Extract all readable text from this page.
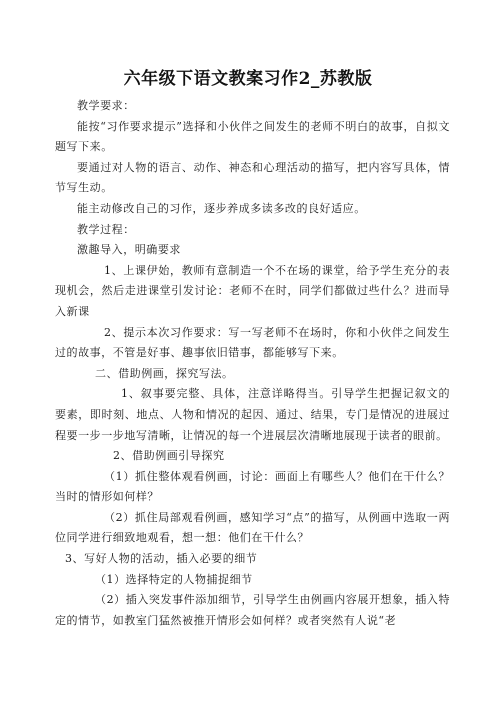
六年级下语文教案习作2_苏教版

教学要求：

能按“习作要求提示”选择和小伙伴之间发生的老师不明白的故事，自拟文题写下来。

要通过对人物的语言、动作、神态和心理活动的描写，把内容写具体，情节写生动。

能主动修改自己的习作，逐步养成多读多改的良好适应。

教学过程：

激趣导入，明确要求

1、上课伊始，教师有意制造一个不在场的课堂，给予学生充分的表现机会，然后走进课堂引发讨论：老师不在时，同学们都做过些什么？进而导入新课

2、提示本次习作要求：写一写老师不在场时，你和小伙伴之间发生过的故事，不管是好事、趣事依旧错事，都能够写下来。

二、借助例画，探究写法。

1、叙事要完整、具体，注意详略得当。引导学生把握记叙文的要素，即时刻、地点、人物和情况的起因、通过、结果，专门是情况的进展过程要一步一步地写清晰，让情况的每一个进展层次清晰地展现于读者的眼前。

2、借助例画引导探究

（1）抓住整体观看例画，讨论：画面上有哪些人？他们在干什么？当时的情形如何样？

（2）抓住局部观看例画，感知学习“点”的描写，从例画中选取一两位同学进行细致地观看，想一想：他们在干什么？

3、写好人物的活动，插入必要的细节

（1）选择特定的人物捕捉细节

（2）插入突发事件添加细节，引导学生由例画内容展开想象，插入特定的情节，如教室门猛然被推开情形会如何样？或者突然有人说“老
